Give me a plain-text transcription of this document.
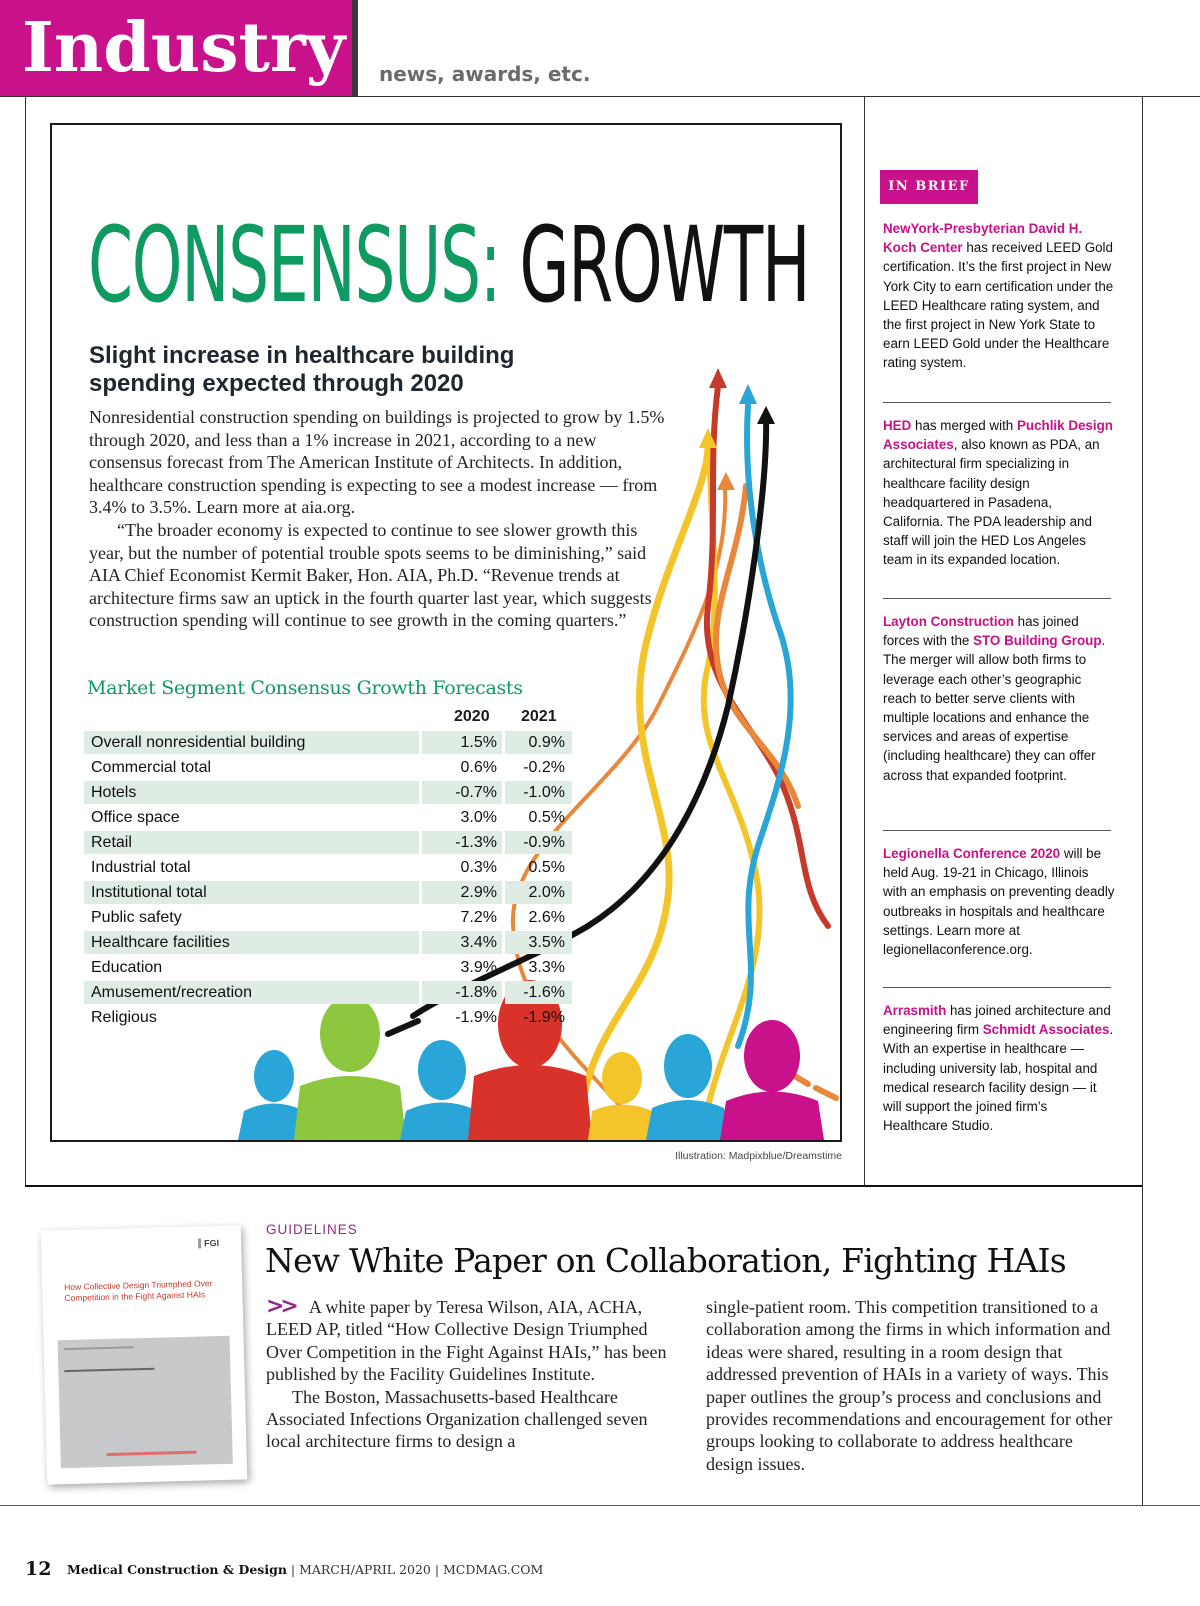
Industry news, awards, etc.
CONSENSUS: GROWTH
Slight increase in healthcare building spending expected through 2020

Nonresidential construction spending on buildings is projected to grow by 1.5% through 2020, and less than a 1% increase in 2021, according to a new consensus forecast from The American Institute of Architects. In addition, healthcare construction spending is expecting to see a modest increase — from 3.4% to 3.5%. Learn more at aia.org.

“The broader economy is expected to continue to see slower growth this year, but the number of potential trouble spots seems to be diminishing,” said AIA Chief Economist Kermit Baker, Hon. AIA, Ph.D. “Revenue trends at architecture firms saw an uptick in the fourth quarter last year, which suggests construction spending will continue to see growth in the coming quarters.”

Market Segment Consensus Growth Forecasts
2020 2021
Overall nonresidential building	1.5%	0.9%
Commercial total	0.6%	-0.2%
Hotels	-0.7%	-1.0%
Office space	3.0%	0.5%
Retail	-1.3%	-0.9%
Industrial total	0.3%	0.5%
Institutional total	2.9%	2.0%
Public safety	7.2%	2.6%
Healthcare facilities	3.4%	3.5%
Education	3.9%	3.3%
Amusement/recreation	-1.8%	-1.6%
Religious	-1.9%	-1.9%
Illustration: Madpixblue/Dreamstime
IN BRIEF
NewYork-Presbyterian David H. Koch Center has received LEED Gold certification. It’s the first project in New York City to earn certification under the LEED Healthcare rating system, and the first project in New York State to earn LEED Gold under the Healthcare rating system.
HED has merged with Puchlik Design Associates, also known as PDA, an architectural firm specializing in healthcare facility design headquartered in Pasadena, California. The PDA leadership and staff will join the HED Los Angeles team in its expanded location.
Layton Construction has joined forces with the STO Building Group. The merger will allow both firms to leverage each other’s geographic reach to better serve clients with multiple locations and enhance the services and areas of expertise (including healthcare) they can offer across that expanded footprint.
Legionella Conference 2020 will be held Aug. 19-21 in Chicago, Illinois with an emphasis on preventing deadly outbreaks in hospitals and healthcare settings. Learn more at legionellaconference.org.
Arrasmith has joined architecture and engineering firm Schmidt Associates. With an expertise in healthcare — including university lab, hospital and medical research facility design — it will support the joined firm’s Healthcare Studio.
FGI
How Collective Design Triumphed Over Competition in the Fight Against HAIs
GUIDELINES
New White Paper on Collaboration, Fighting HAIs

>> A white paper by Teresa Wilson, AIA, ACHA, LEED AP, titled “How Collective Design Triumphed Over Competition in the Fight Against HAIs,” has been published by the Facility Guidelines Institute.

The Boston, Massachusetts-based Healthcare Associated Infections Organization challenged seven local architecture firms to design a

single-patient room. This competition transitioned to a collaboration among the firms in which information and ideas were shared, resulting in a room design that addressed prevention of HAIs in a variety of ways. This paper outlines the group’s process and conclusions and provides recommendations and encouragement for other groups looking to collaborate to address healthcare design issues.

12 Medical Construction & Design | MARCH/APRIL 2020 | MCDMAG.COM
